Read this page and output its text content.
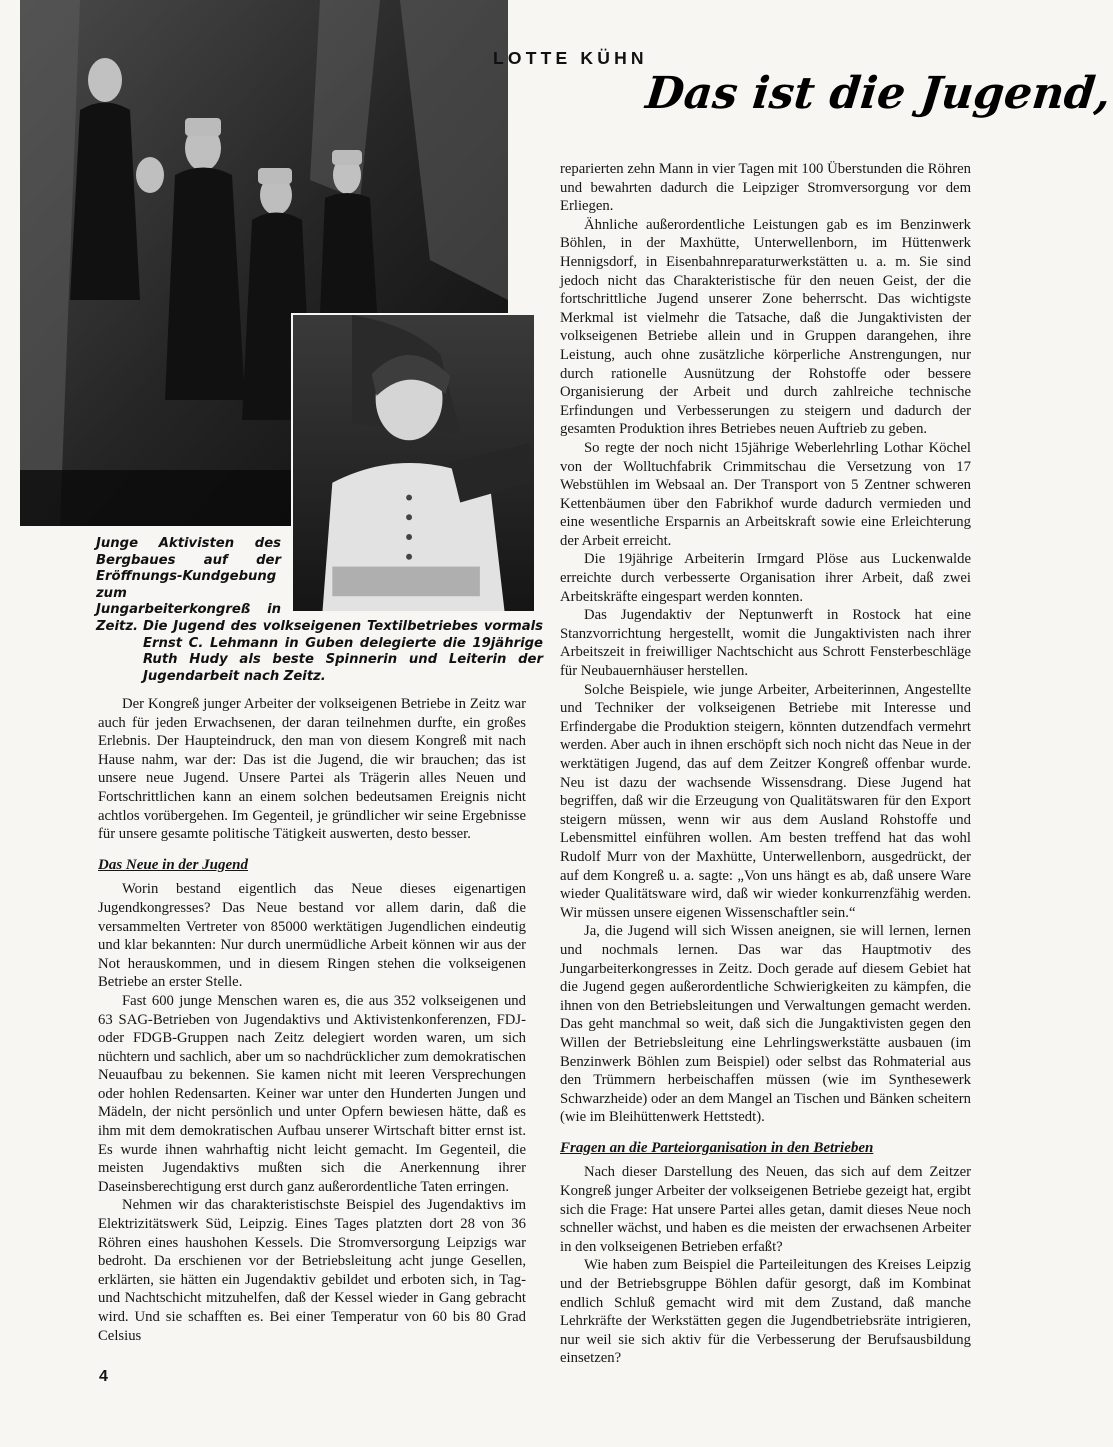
Junge Aktivisten des Bergbaues auf der Eröffnungs-Kundgebung zum Jungarbeiterkongreß in Zeitz. Die Jugend des volkseigenen Textilbetriebes vormals Ernst C. Lehmann in Guben delegierte die 19jährige Ruth Hudy als beste Spinnerin und Leiterin der Jugendarbeit nach Zeitz.

LOTTE KÜHN

Das ist die Jugend,

Der Kongreß junger Arbeiter der volkseigenen Betriebe in Zeitz war auch für jeden Erwachsenen, der daran teilnehmen durfte, ein großes Erlebnis. Der Haupteindruck, den man von diesem Kongreß mit nach Hause nahm, war der: Das ist die Jugend, die wir brauchen; das ist unsere neue Jugend. Unsere Partei als Trägerin alles Neuen und Fortschrittlichen kann an einem solchen bedeutsamen Ereignis nicht achtlos vorübergehen. Im Gegenteil, je gründlicher wir seine Ergebnisse für unsere gesamte politische Tätigkeit auswerten, desto besser.

Das Neue in der Jugend

Worin bestand eigentlich das Neue dieses eigenartigen Jugendkongresses? Das Neue bestand vor allem darin, daß die versammelten Vertreter von 85000 werktätigen Jugendlichen eindeutig und klar bekannten: Nur durch unermüdliche Arbeit können wir aus der Not herauskommen, und in diesem Ringen stehen die volkseigenen Betriebe an erster Stelle.

Fast 600 junge Menschen waren es, die aus 352 volkseigenen und 63 SAG-Betrieben von Jugendaktivs und Aktivistenkonferenzen, FDJ- oder FDGB-Gruppen nach Zeitz delegiert worden waren, um sich nüchtern und sachlich, aber um so nachdrücklicher zum demokratischen Neuaufbau zu bekennen. Sie kamen nicht mit leeren Versprechungen oder hohlen Redensarten. Keiner war unter den Hunderten Jungen und Mädeln, der nicht persönlich und unter Opfern bewiesen hätte, daß es ihm mit dem demokratischen Aufbau unserer Wirtschaft bitter ernst ist. Es wurde ihnen wahrhaftig nicht leicht gemacht. Im Gegenteil, die meisten Jugendaktivs mußten sich die Anerkennung ihrer Daseinsberechtigung erst durch ganz außerordentliche Taten erringen.

Nehmen wir das charakteristischste Beispiel des Jugendaktivs im Elektrizitätswerk Süd, Leipzig. Eines Tages platzten dort 28 von 36 Röhren eines haushohen Kessels. Die Stromversorgung Leipzigs war bedroht. Da erschienen vor der Betriebsleitung acht junge Gesellen, erklärten, sie hätten ein Jugendaktiv gebildet und erboten sich, in Tag- und Nachtschicht mitzuhelfen, daß der Kessel wieder in Gang gebracht wird. Und sie schafften es. Bei einer Temperatur von 60 bis 80 Grad Celsius

reparierten zehn Mann in vier Tagen mit 100 Überstunden die Röhren und bewahrten dadurch die Leipziger Stromversorgung vor dem Erliegen.

Ähnliche außerordentliche Leistungen gab es im Benzinwerk Böhlen, in der Maxhütte, Unterwellenborn, im Hüttenwerk Hennigsdorf, in Eisenbahnreparaturwerkstätten u. a. m. Sie sind jedoch nicht das Charakteristische für den neuen Geist, der die fortschrittliche Jugend unserer Zone beherrscht. Das wichtigste Merkmal ist vielmehr die Tatsache, daß die Jungaktivisten der volkseigenen Betriebe allein und in Gruppen darangehen, ihre Leistung, auch ohne zusätzliche körperliche Anstrengungen, nur durch rationelle Ausnützung der Rohstoffe oder bessere Organisierung der Arbeit und durch zahlreiche technische Erfindungen und Verbesserungen zu steigern und dadurch der gesamten Produktion ihres Betriebes neuen Auftrieb zu geben.

So regte der noch nicht 15jährige Weberlehrling Lothar Köchel von der Wolltuchfabrik Crimmitschau die Versetzung von 17 Webstühlen im Websaal an. Der Transport von 5 Zentner schweren Kettenbäumen über den Fabrikhof wurde dadurch vermieden und eine wesentliche Ersparnis an Arbeitskraft sowie eine Erleichterung der Arbeit erreicht.

Die 19jährige Arbeiterin Irmgard Plöse aus Luckenwalde erreichte durch verbesserte Organisation ihrer Arbeit, daß zwei Arbeitskräfte eingespart werden konnten.

Das Jugendaktiv der Neptunwerft in Rostock hat eine Stanzvorrichtung hergestellt, womit die Jungaktivisten nach ihrer Arbeitszeit in freiwilliger Nachtschicht aus Schrott Fensterbeschläge für Neubauernhäuser herstellen.

Solche Beispiele, wie junge Arbeiter, Arbeiterinnen, Angestellte und Techniker der volkseigenen Betriebe mit Interesse und Erfindergabe die Produktion steigern, könnten dutzendfach vermehrt werden. Aber auch in ihnen erschöpft sich noch nicht das Neue in der werktätigen Jugend, das auf dem Zeitzer Kongreß offenbar wurde. Neu ist dazu der wachsende Wissensdrang. Diese Jugend hat begriffen, daß wir die Erzeugung von Qualitätswaren für den Export steigern müssen, wenn wir aus dem Ausland Rohstoffe und Lebensmittel einführen wollen. Am besten treffend hat das wohl Rudolf Murr von der Maxhütte, Unterwellenborn, ausgedrückt, der auf dem Kongreß u. a. sagte: „Von uns hängt es ab, daß unsere Ware wieder Qualitätsware wird, daß wir wieder konkurrenzfähig werden. Wir müssen unsere eigenen Wissenschaftler sein.“

Ja, die Jugend will sich Wissen aneignen, sie will lernen, lernen und nochmals lernen. Das war das Hauptmotiv des Jungarbeiterkongresses in Zeitz. Doch gerade auf diesem Gebiet hat die Jugend gegen außerordentliche Schwierigkeiten zu kämpfen, die ihnen von den Betriebsleitungen und Verwaltungen gemacht werden. Das geht manchmal so weit, daß sich die Jungaktivisten gegen den Willen der Betriebsleitung eine Lehrlingswerkstätte ausbauen (im Benzinwerk Böhlen zum Beispiel) oder selbst das Rohmaterial aus den Trümmern herbeischaffen müssen (wie im Synthesewerk Schwarzheide) oder an dem Mangel an Tischen und Bänken scheitern (wie im Bleihüttenwerk Hettstedt).

Fragen an die Parteiorganisation in den Betrieben

Nach dieser Darstellung des Neuen, das sich auf dem Zeitzer Kongreß junger Arbeiter der volkseigenen Betriebe gezeigt hat, ergibt sich die Frage: Hat unsere Partei alles getan, damit dieses Neue noch schneller wächst, und haben es die meisten der erwachsenen Arbeiter in den volkseigenen Betrieben erfaßt?

Wie haben zum Beispiel die Parteileitungen des Kreises Leipzig und der Betriebsgruppe Böhlen dafür gesorgt, daß im Kombinat endlich Schluß gemacht wird mit dem Zustand, daß manche Lehrkräfte der Werkstätten gegen die Jugendbetriebsräte intrigieren, nur weil sie sich aktiv für die Verbesserung der Berufsausbildung einsetzen?

4
